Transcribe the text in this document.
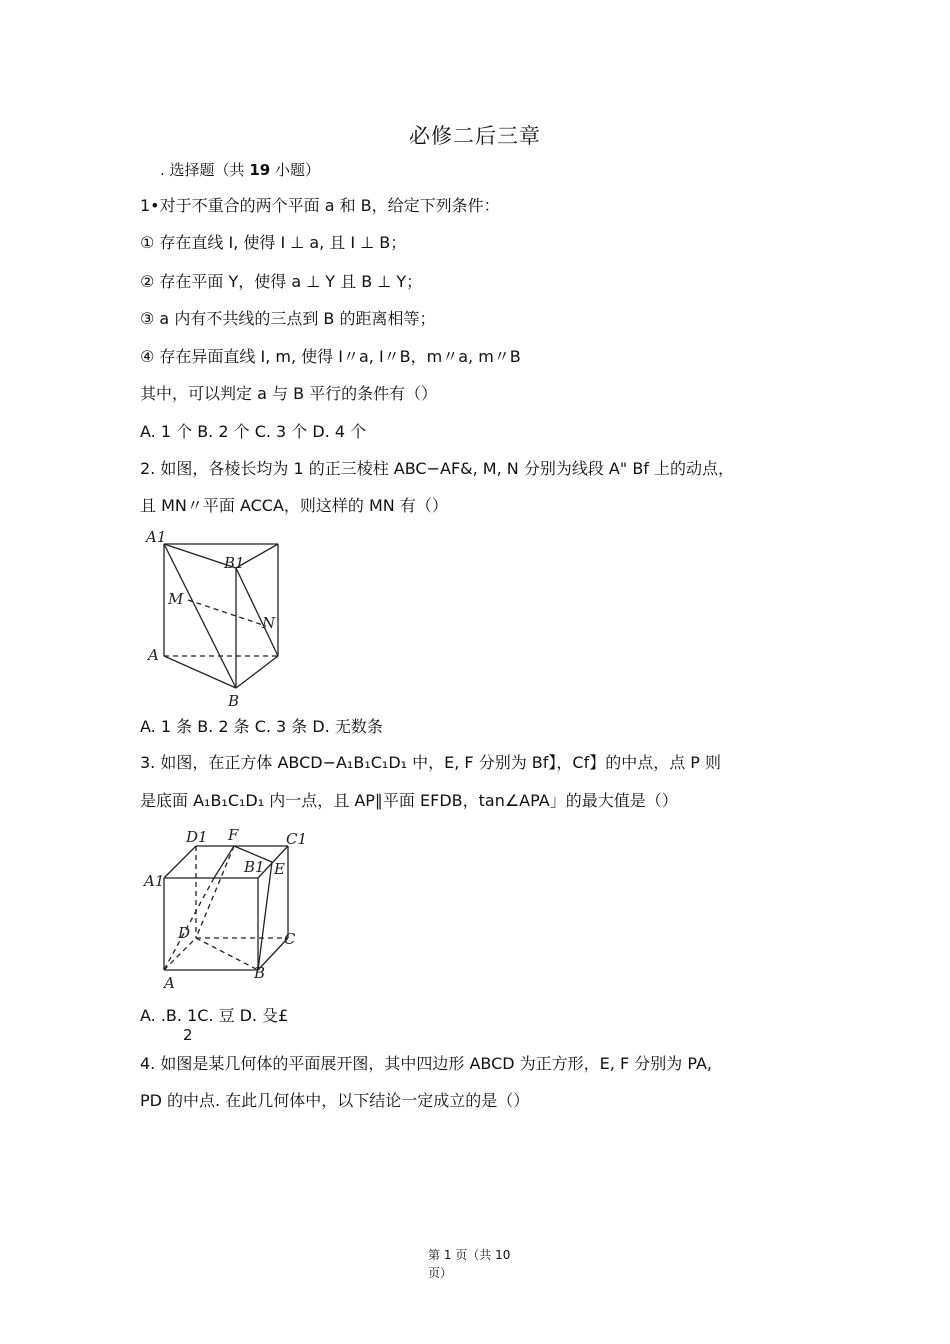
必修二后三章
. 选择题（共 19 小题）
1•对于不重合的两个平面 a 和 B，给定下列条件：
① 存在直线 I, 使得 I ⊥ a, 且 I ⊥ B；
② 存在平面 Y，使得 a ⊥ Y 且 B ⊥ Y；
③ a 内有不共线的三点到 B 的距离相等；
④ 存在异面直线 I, m, 使得 I〃a, I〃B，m〃a, m〃B
其中，可以判定 a 与 B 平行的条件有（）
A. 1 个 B. 2 个 C. 3 个 D. 4 个
2. 如图，各棱长均为 1 的正三棱柱 ABC−AF&, M, N 分别为线段 A" Bf 上的动点，
且 MN〃平面 ACCA，则这样的 MN 有（）
A1
B1
M
N
A
B
A. 1 条 B. 2 条 C. 3 条 D. 无数条
3. 如图，在正方体 ABCD−A₁B₁C₁D₁ 中，E, F 分别为 Bf】，Cf】的中点，点 P 则
是底面 A₁B₁C₁D₁ 内一点，且 AP∥平面 EFDB，tan∠APA」的最大值是（）
D1 F	C1
B1 E
A1
D	C
A
B
A. .B. 1C. 豆 D. 殳£
2
4. 如图是某几何体的平面展开图，其中四边形 ABCD 为正方形，E, F 分别为 PA,
PD 的中点. 在此几何体中，以下结论一定成立的是（）
第 1 页（共 10
页）
